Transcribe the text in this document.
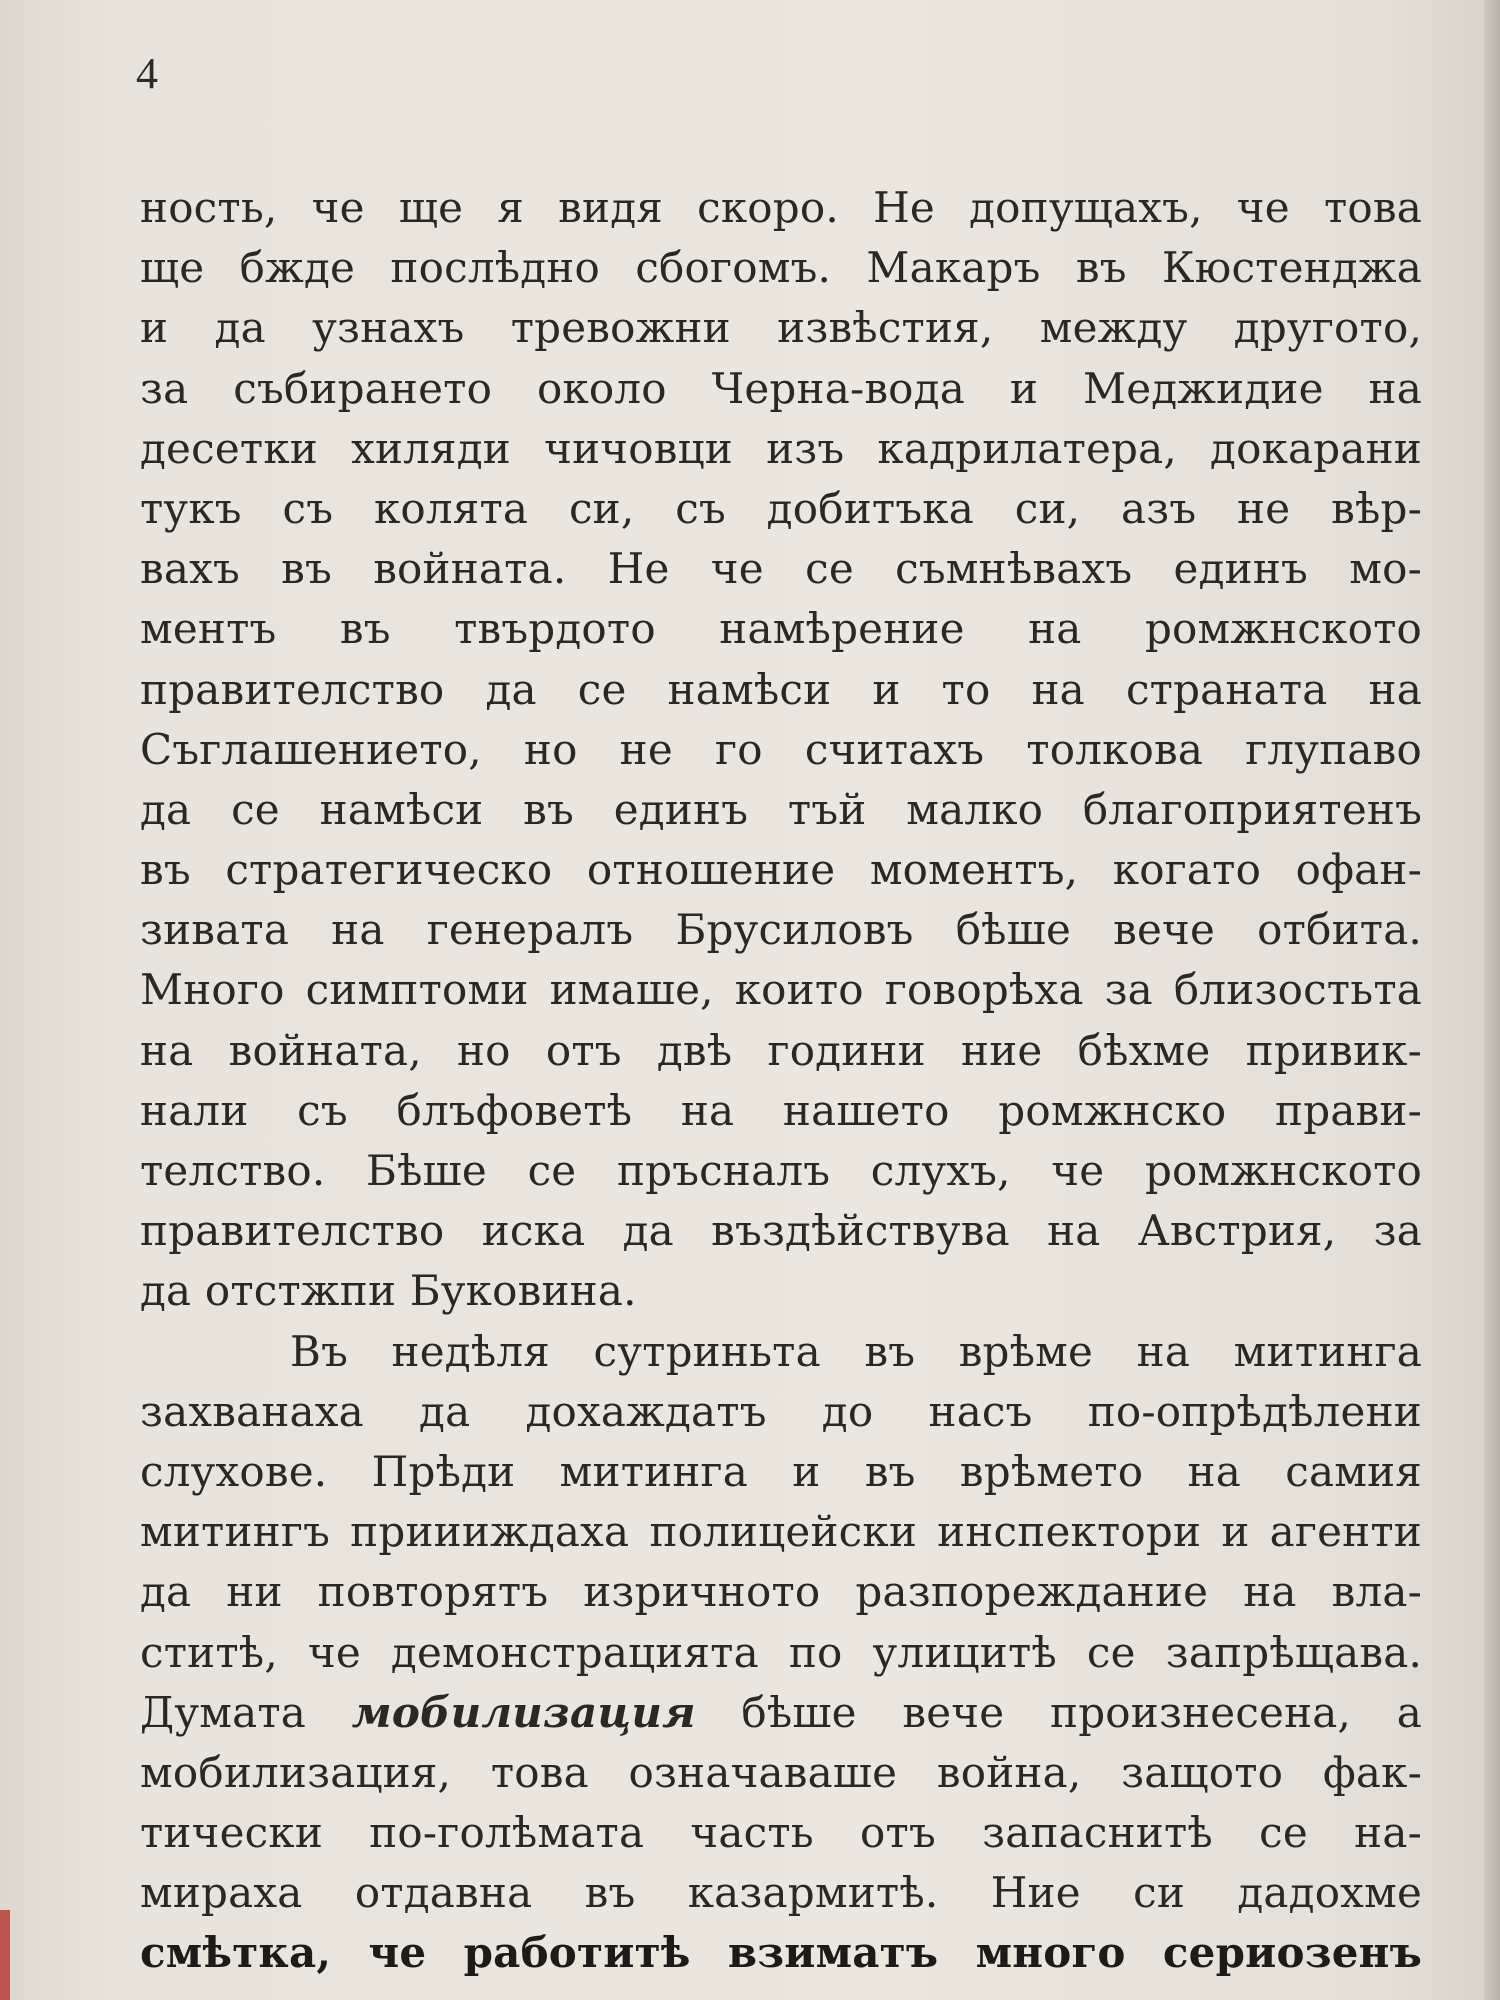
4
ность, че ще я видя скоро. Не допущахъ, че това
ще бжде послѣдно сбогомъ. Макаръ въ Кюстенджа
и да узнахъ тревожни извѣстия, между другото,
за събирането около Черна-вода и Меджидие на
десетки хиляди чичовци изъ кадрилатера, докарани
тукъ съ колята си, съ добитъка си, азъ не вѣр-
вахъ въ войната. Не че се съмнѣвахъ единъ мо-
ментъ въ твърдото намѣрение на ромжнското
правителство да се намѣси и то на страната на
Съглашението, но не го считахъ толкова глупаво
да се намѣси въ единъ тъй малко благоприятенъ
въ стратегическо отношение моментъ, когато офан-
зивата на генералъ Брусиловъ бѣше вече отбита.
Много симптоми имаше, които говорѣха за близостьта
на войната, но отъ двѣ години ние бѣхме привик-
нали съ блъфоветѣ на нашето ромжнско прави-
телство. Бѣше се пръсналъ слухъ, че ромжнското
правителство иска да въздѣйствува на Австрия, за
да отстжпи Буковина.
Въ недѣля сутриньта въ врѣме на митинга
захванаха да дохаждатъ до насъ по-опрѣдѣлени
слухове. Прѣди митинга и въ врѣмето на самия
митингъ приииждаха полицейски инспектори и агенти
да ни повторятъ изричното разпореждание на вла-
ститѣ, че демонстрацията по улицитѣ се запрѣщава.
Думата мобилизация бѣше вече произнесена, а
мобилизация, това означаваше война, защото фак-
тически по-голѣмата часть отъ запаснитѣ се на-
мираха отдавна въ казармитѣ. Ние си дадохме
смѣтка, че работитѣ взиматъ много сериозенъ
